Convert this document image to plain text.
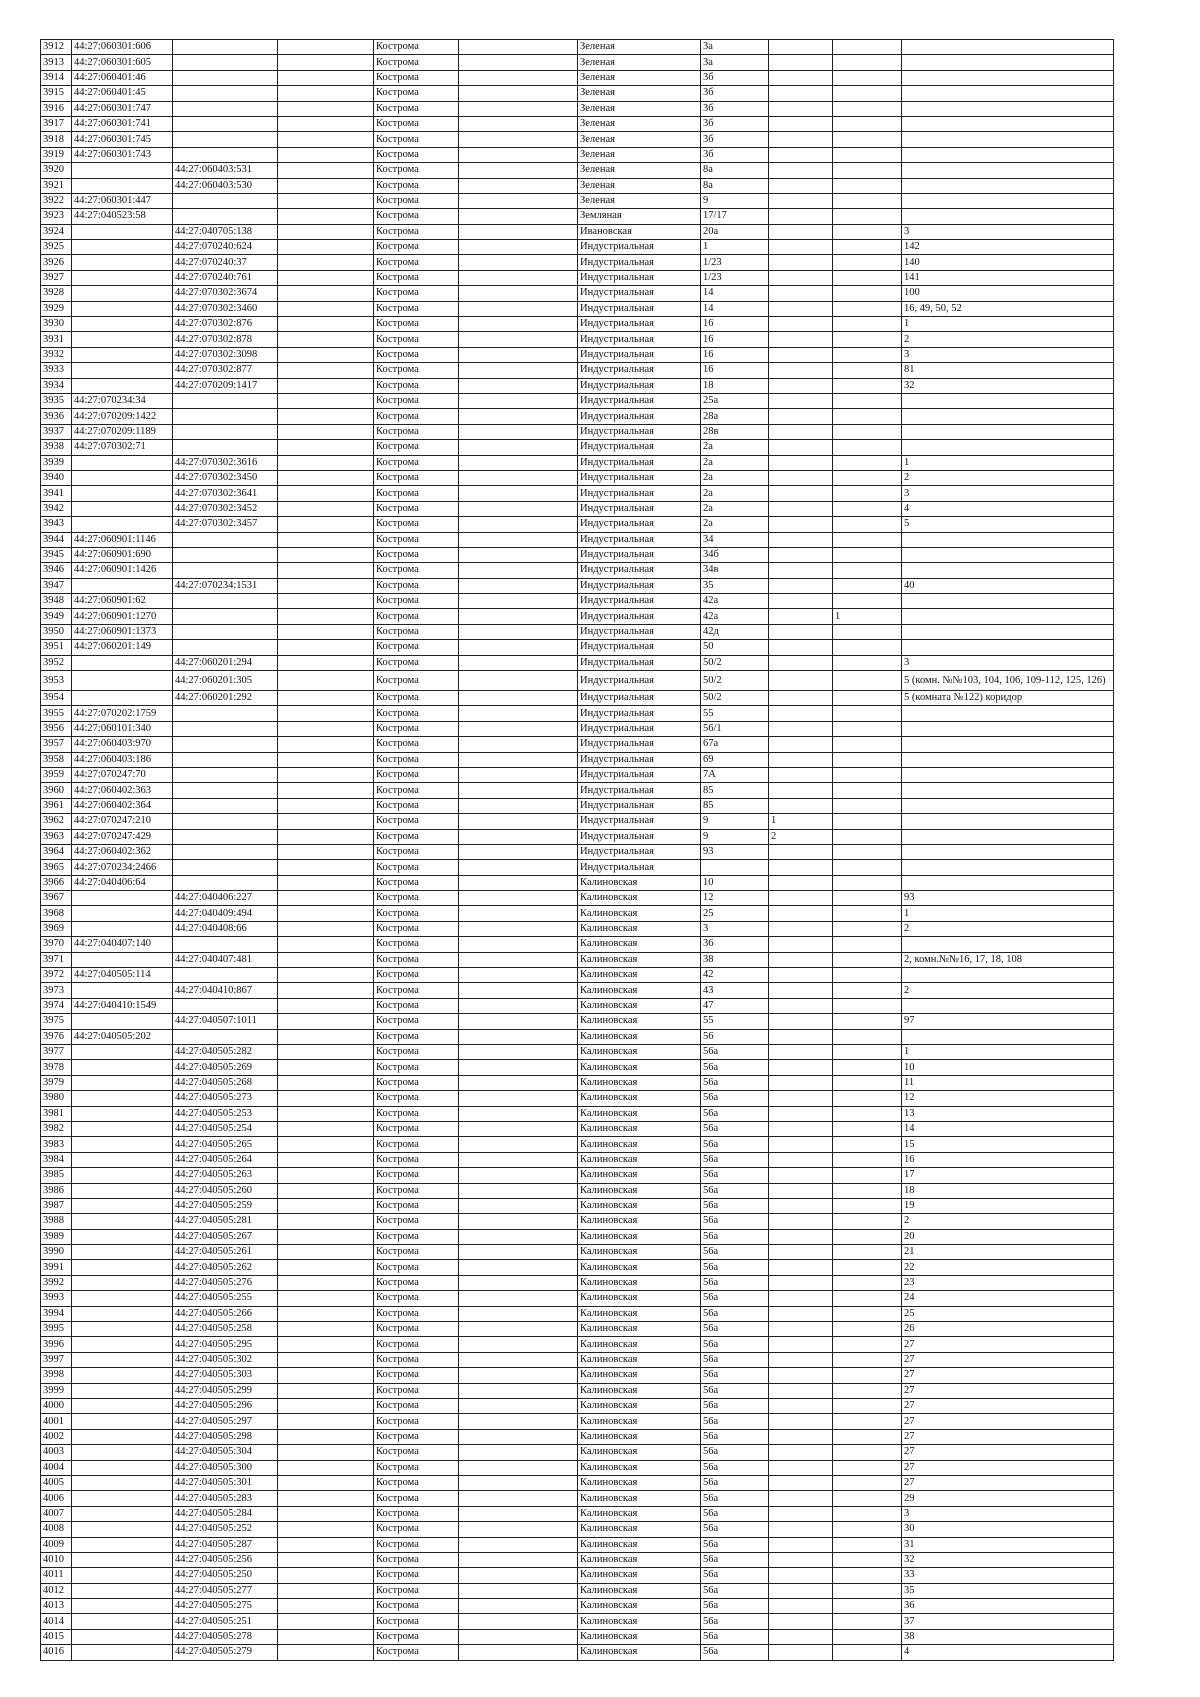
3912	44:27:060301:606			Кострома		Зеленая	3а			
3913	44:27:060301:605			Кострома		Зеленая	3а			
3914	44:27:060401:46			Кострома		Зеленая	3б			
3915	44:27:060401:45			Кострома		Зеленая	3б			
3916	44:27:060301:747			Кострома		Зеленая	3б			
3917	44:27:060301:741			Кострома		Зеленая	3б			
3918	44:27:060301:745			Кострома		Зеленая	3б			
3919	44:27:060301:743			Кострома		Зеленая	3б			
3920		44:27:060403:531		Кострома		Зеленая	8а			
3921		44:27:060403:530		Кострома		Зеленая	8а			
3922	44:27:060301:447			Кострома		Зеленая	9			
3923	44:27:040523:58			Кострома		Земляная	17/17			
3924		44:27:040705:138		Кострома		Ивановская	20а			3
3925		44:27:070240:624		Кострома		Индустриальная	1			142
3926		44:27:070240:37		Кострома		Индустриальная	1/23			140
3927		44:27:070240:761		Кострома		Индустриальная	1/23			141
3928		44:27:070302:3674		Кострома		Индустриальная	14			100
3929		44:27:070302:3460		Кострома		Индустриальная	14			16, 49, 50, 52
3930		44:27:070302:876		Кострома		Индустриальная	16			1
3931		44:27:070302:878		Кострома		Индустриальная	16			2
3932		44:27:070302:3098		Кострома		Индустриальная	16			3
3933		44:27:070302:877		Кострома		Индустриальная	16			81
3934		44:27:070209:1417		Кострома		Индустриальная	18			32
3935	44:27:070234:34			Кострома		Индустриальная	25а			
3936	44:27:070209:1422			Кострома		Индустриальная	28а			
3937	44:27:070209:1189			Кострома		Индустриальная	28в			
3938	44:27:070302:71			Кострома		Индустриальная	2а			
3939		44:27:070302:3616		Кострома		Индустриальная	2а			1
3940		44:27:070302:3450		Кострома		Индустриальная	2а			2
3941		44:27:070302:3641		Кострома		Индустриальная	2а			3
3942		44:27:070302:3452		Кострома		Индустриальная	2а			4
3943		44:27:070302:3457		Кострома		Индустриальная	2а			5
3944	44:27:060901:1146			Кострома		Индустриальная	34			
3945	44:27:060901:690			Кострома		Индустриальная	34б			
3946	44:27:060901:1426			Кострома		Индустриальная	34в			
3947		44:27:070234:1531		Кострома		Индустриальная	35			40
3948	44:27:060901:62			Кострома		Индустриальная	42а			
3949	44:27:060901:1270			Кострома		Индустриальная	42а		1	
3950	44:27:060901:1373			Кострома		Индустриальная	42д			
3951	44:27:060201:149			Кострома		Индустриальная	50			
3952		44:27:060201:294		Кострома		Индустриальная	50/2			3
3953		44:27:060201:305		Кострома		Индустриальная	50/2			5 (комн. №№103, 104, 106, 109-112, 125, 126)
3954		44:27:060201:292		Кострома		Индустриальная	50/2			5 (комната №122) коридор
3955	44:27:070202:1759			Кострома		Индустриальная	55			
3956	44:27:060101:340			Кострома		Индустриальная	56/1			
3957	44:27:060403:970			Кострома		Индустриальная	67а			
3958	44:27:060403:186			Кострома		Индустриальная	69			
3959	44:27:070247:70			Кострома		Индустриальная	7А			
3960	44:27:060402:363			Кострома		Индустриальная	85			
3961	44:27:060402:364			Кострома		Индустриальная	85			
3962	44:27:070247:210			Кострома		Индустриальная	9	1		
3963	44:27:070247:429			Кострома		Индустриальная	9	2		
3964	44:27:060402:362			Кострома		Индустриальная	93			
3965	44:27:070234:2466			Кострома		Индустриальная				
3966	44:27:040406:64			Кострома		Калиновская	10			
3967		44:27:040406:227		Кострома		Калиновская	12			93
3968		44:27:040409:494		Кострома		Калиновская	25			1
3969		44:27:040408:66		Кострома		Калиновская	3			2
3970	44:27:040407:140			Кострома		Калиновская	36			
3971		44:27:040407:481		Кострома		Калиновская	38			2, комн.№№16, 17, 18, 108
3972	44:27:040505:114			Кострома		Калиновская	42			
3973		44:27:040410:867		Кострома		Калиновская	43			2
3974	44:27:040410:1549			Кострома		Калиновская	47			
3975		44:27:040507:1011		Кострома		Калиновская	55			97
3976	44:27:040505:202			Кострома		Калиновская	56			
3977		44:27:040505:282		Кострома		Калиновская	56а			1
3978		44:27:040505:269		Кострома		Калиновская	56а			10
3979		44:27:040505:268		Кострома		Калиновская	56а			11
3980		44:27:040505:273		Кострома		Калиновская	56а			12
3981		44:27:040505:253		Кострома		Калиновская	56а			13
3982		44:27:040505:254		Кострома		Калиновская	56а			14
3983		44:27:040505:265		Кострома		Калиновская	56а			15
3984		44:27:040505:264		Кострома		Калиновская	56а			16
3985		44:27:040505:263		Кострома		Калиновская	56а			17
3986		44:27:040505:260		Кострома		Калиновская	56а			18
3987		44:27:040505:259		Кострома		Калиновская	56а			19
3988		44:27:040505:281		Кострома		Калиновская	56а			2
3989		44:27:040505:267		Кострома		Калиновская	56а			20
3990		44:27:040505:261		Кострома		Калиновская	56а			21
3991		44:27:040505:262		Кострома		Калиновская	56а			22
3992		44:27:040505:276		Кострома		Калиновская	56а			23
3993		44:27:040505:255		Кострома		Калиновская	56а			24
3994		44:27:040505:266		Кострома		Калиновская	56а			25
3995		44:27:040505:258		Кострома		Калиновская	56а			26
3996		44:27:040505:295		Кострома		Калиновская	56а			27
3997		44:27:040505:302		Кострома		Калиновская	56а			27
3998		44:27:040505:303		Кострома		Калиновская	56а			27
3999		44:27:040505:299		Кострома		Калиновская	56а			27
4000		44:27:040505:296		Кострома		Калиновская	56а			27
4001		44:27:040505:297		Кострома		Калиновская	56а			27
4002		44:27:040505:298		Кострома		Калиновская	56а			27
4003		44:27:040505:304		Кострома		Калиновская	56а			27
4004		44:27:040505:300		Кострома		Калиновская	56а			27
4005		44:27:040505:301		Кострома		Калиновская	56а			27
4006		44:27:040505:283		Кострома		Калиновская	56а			29
4007		44:27:040505:284		Кострома		Калиновская	56а			3
4008		44:27:040505:252		Кострома		Калиновская	56а			30
4009		44:27:040505:287		Кострома		Калиновская	56а			31
4010		44:27:040505:256		Кострома		Калиновская	56а			32
4011		44:27:040505:250		Кострома		Калиновская	56а			33
4012		44:27:040505:277		Кострома		Калиновская	56а			35
4013		44:27:040505:275		Кострома		Калиновская	56а			36
4014		44:27:040505:251		Кострома		Калиновская	56а			37
4015		44:27:040505:278		Кострома		Калиновская	56а			38
4016		44:27:040505:279		Кострома		Калиновская	56а			4
